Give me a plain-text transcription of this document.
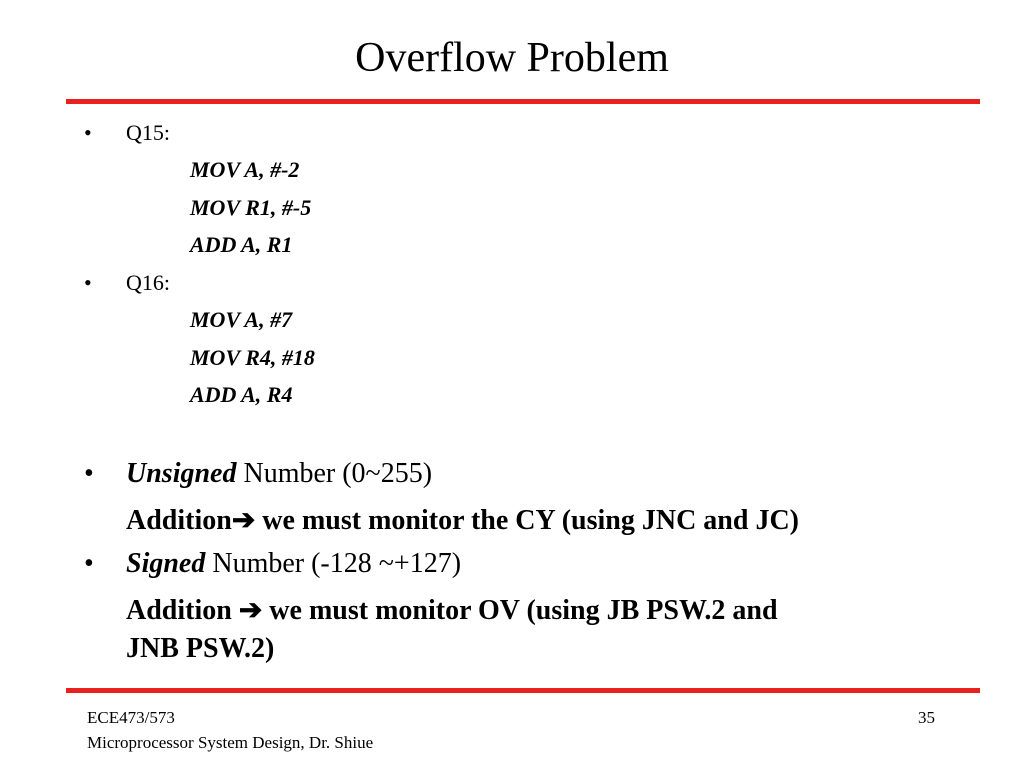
Overflow Problem
• Q15:
MOV A, #-2
MOV R1, #-5
ADD A, R1
• Q16:
MOV A, #7
MOV R4, #18
ADD A, R4
• Unsigned Number (0~255)
Addition➔ we must monitor the CY (using JNC and JC)
• Signed Number (-128 ~+127)
Addition ➔ we must monitor OV (using JB PSW.2 and
JNB PSW.2)
ECE473/573
Microprocessor System Design, Dr. Shiue
35
